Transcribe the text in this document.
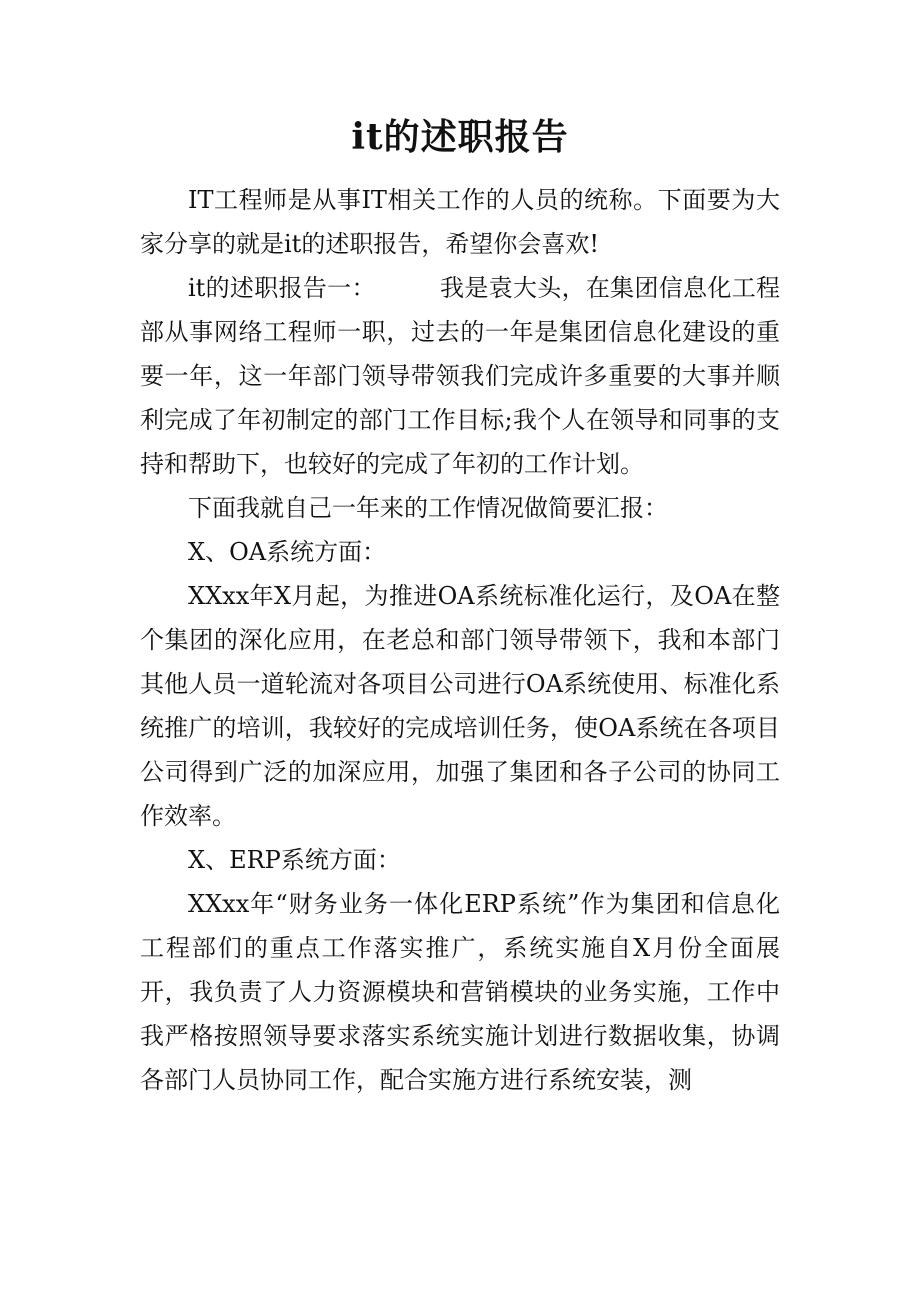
it的述职报告

IT工程师是从事IT相关工作的人员的统称。下面要为大家分享的就是it的述职报告，希望你会喜欢!

it的述职报告一：	我是袁大头，在集团信息化工程部从事网络工程师一职，过去的一年是集团信息化建设的重要一年，这一年部门领导带领我们完成许多重要的大事并顺利完成了年初制定的部门工作目标;我个人在领导和同事的支持和帮助下，也较好的完成了年初的工作计划。

下面我就自己一年来的工作情况做简要汇报：

X、OA系统方面：

XXxx年X月起，为推进OA系统标准化运行，及OA在整个集团的深化应用，在老总和部门领导带领下，我和本部门其他人员一道轮流对各项目公司进行OA系统使用、标准化系统推广的培训，我较好的完成培训任务，使OA系统在各项目公司得到广泛的加深应用，加强了集团和各子公司的协同工作效率。

X、ERP系统方面：

XXxx年“财务业务一体化ERP系统”作为集团和信息化工程部们的重点工作落实推广，系统实施自X月份全面展开，我负责了人力资源模块和营销模块的业务实施，工作中我严格按照领导要求落实系统实施计划进行数据收集，协调各部门人员协同工作，配合实施方进行系统安装，测
